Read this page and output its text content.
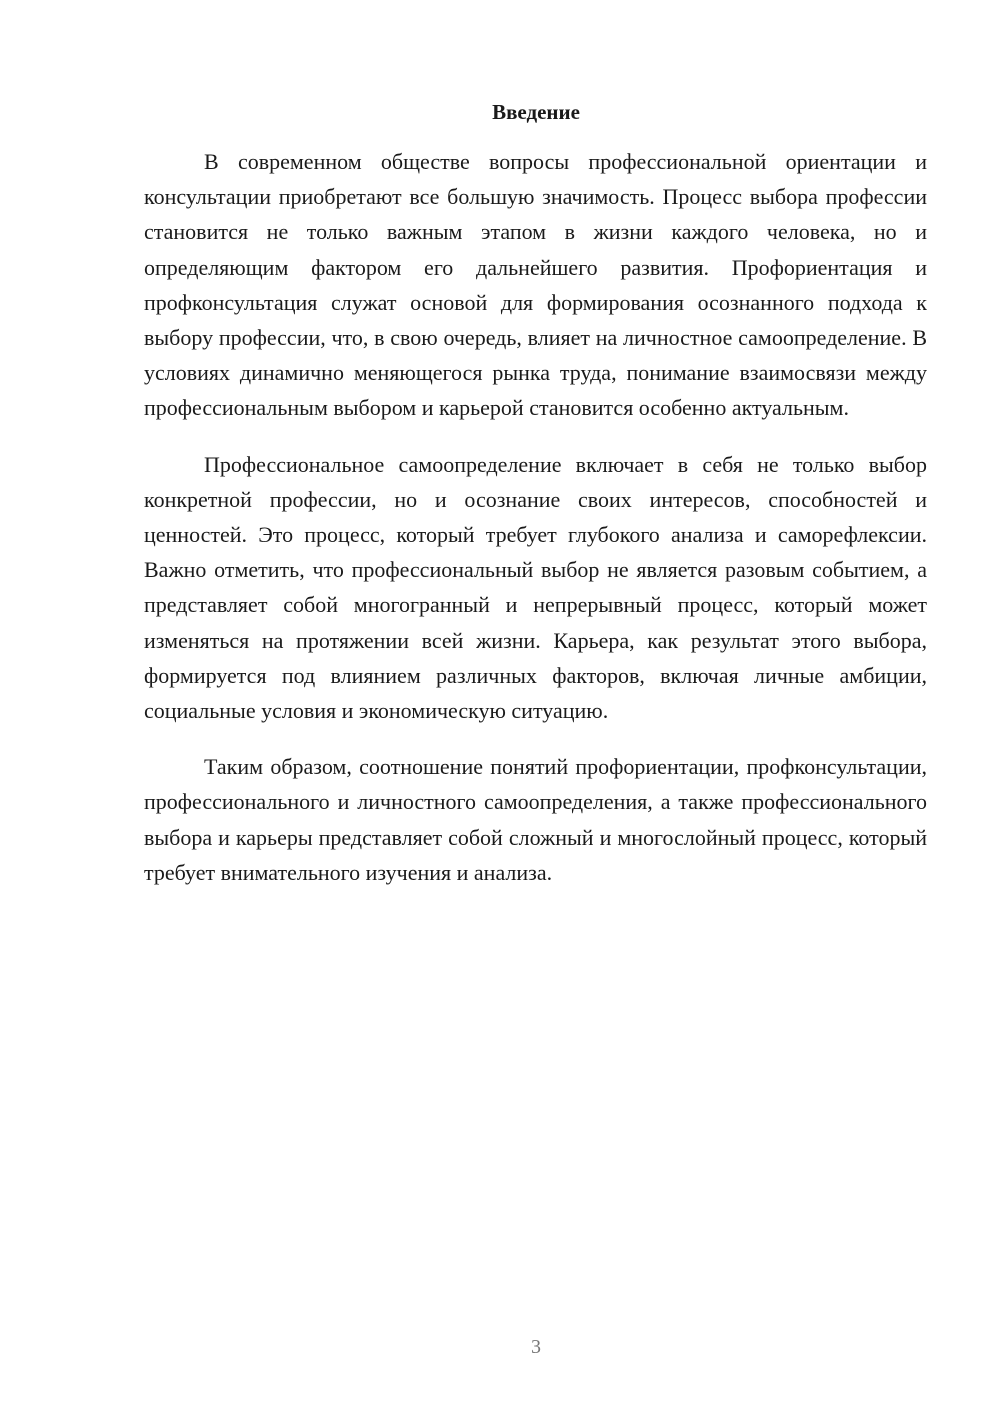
Введение

В современном обществе вопросы профессиональной ориентации и консультации приобретают все большую значимость. Процесс выбора профессии становится не только важным этапом в жизни каждого человека, но и определяющим фактором его дальнейшего развития. Профориентация и профконсультация служат основой для формирования осознанного подхода к выбору профессии, что, в свою очередь, влияет на личностное самоопределение. В условиях динамично меняющегося рынка труда, понимание взаимосвязи между профессиональным выбором и карьерой становится особенно актуальным.

Профессиональное самоопределение включает в себя не только выбор конкретной профессии, но и осознание своих интересов, способностей и ценностей. Это процесс, который требует глубокого анализа и саморефлексии. Важно отметить, что профессиональный выбор не является разовым событием, а представляет собой многогранный и непрерывный процесс, который может изменяться на протяжении всей жизни. Карьера, как результат этого выбора, формируется под влиянием различных факторов, включая личные амбиции, социальные условия и экономическую ситуацию.

Таким образом, соотношение понятий профориентации, профконсультации, профессионального и личностного самоопределения, а также профессионального выбора и карьеры представляет собой сложный и многослойный процесс, который требует внимательного изучения и анализа.

3
